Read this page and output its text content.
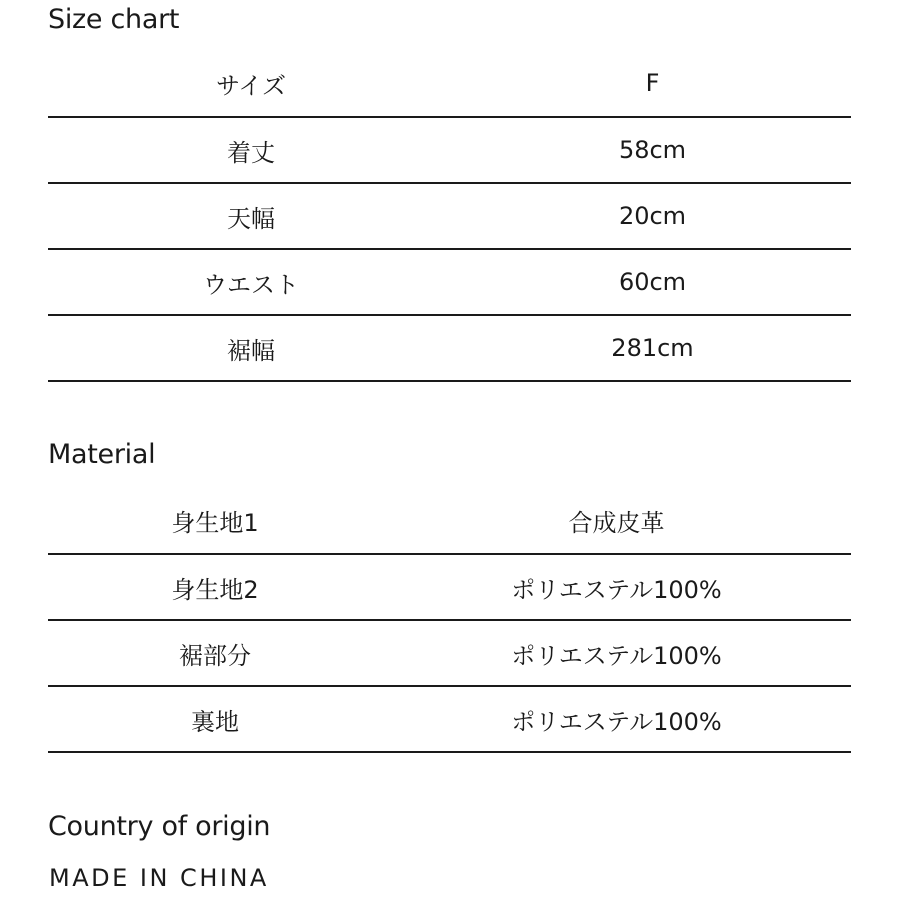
Size chart
サイズ	F
着丈	58cm
天幅	20cm
ウエスト	60cm
裾幅	281cm
Material
身生地1	合成皮革
身生地2	ポリエステル100%
裾部分	ポリエステル100%
裏地	ポリエステル100%
Country of origin

MADE IN CHINA
